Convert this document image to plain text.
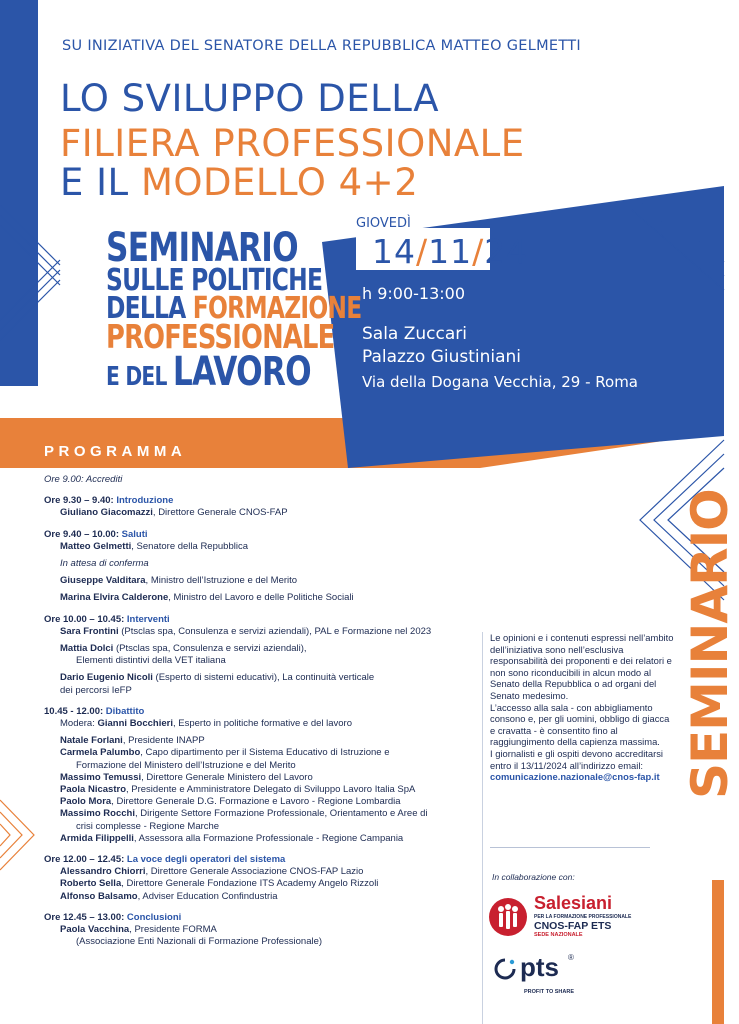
SU INIZIATIVA DEL SENATORE DELLA REPUBBLICA MATTEO GELMETTI
LO SVILUPPO DELLA
FILIERA PROFESSIONALE
E IL MODELLO 4+2
SEMINARIO
SULLE POLITICHE
DELLA FORMAZIONE
PROFESSIONALE
E DEL LAVORO
GIOVEDÌ
14/11/24
h 9:00-13:00
Sala Zuccari
Palazzo Giustiniani
Via della Dogana Vecchia, 29 - Roma
PROGRAMMA
Ore 9.00: Accrediti
Ore 9.30 – 9.40: Introduzione
Giuliano Giacomazzi, Direttore Generale CNOS-FAP
Ore 9.40 – 10.00: Saluti
Matteo Gelmetti, Senatore della Repubblica
In attesa di conferma
Giuseppe Valditara, Ministro dell’Istruzione e del Merito
Marina Elvira Calderone, Ministro del Lavoro e delle Politiche Sociali
Ore 10.00 – 10.45: Interventi
Sara Frontini (Ptsclas spa, Consulenza e servizi aziendali), PAL e Formazione nel 2023
Mattia Dolci (Ptsclas spa, Consulenza e servizi aziendali),
Elementi distintivi della VET italiana
Dario Eugenio Nicoli (Esperto di sistemi educativi), La continuità verticale
dei percorsi IeFP
10.45 - 12.00: Dibattito
Modera: Gianni Bocchieri, Esperto in politiche formative e del lavoro
Natale Forlani, Presidente INAPP
Carmela Palumbo, Capo dipartimento per il Sistema Educativo di Istruzione e
Formazione del Ministero dell’Istruzione e del Merito
Massimo Temussi, Direttore Generale Ministero del Lavoro
Paola Nicastro, Presidente e Amministratore Delegato di Sviluppo Lavoro Italia SpA
Paolo Mora, Direttore Generale D.G. Formazione e Lavoro - Regione Lombardia
Massimo Rocchi, Dirigente Settore Formazione Professionale, Orientamento e Aree di
crisi complesse - Regione Marche
Armida Filippelli, Assessora alla Formazione Professionale - Regione Campania
Ore 12.00 – 12.45: La voce degli operatori del sistema
Alessandro Chiorri, Direttore Generale Associazione CNOS-FAP Lazio
Roberto Sella, Direttore Generale Fondazione ITS Academy Angelo Rizzoli
Alfonso Balsamo, Adviser Education Confindustria
Ore 12.45 – 13.00: Conclusioni
Paola Vacchina, Presidente FORMA
(Associazione Enti Nazionali di Formazione Professionale)
Le opinioni e i contenuti espressi nell’ambito dell’iniziativa sono nell’esclusiva responsabilità dei proponenti e dei relatori e non sono riconducibili in alcun modo al Senato della Repubblica o ad organi del Senato medesimo.
L’accesso alla sala - con abbigliamento consono e, per gli uomini, obbligo di giacca e cravatta - è consentito fino al raggiungimento della capienza massima.
I giornalisti e gli ospiti devono accreditarsi entro il 13/11/2024 all’indirizzo email:
comunicazione.nazionale@cnos-fap.it
In collaborazione con:
SEMINARIO
Salesiani
PER LA FORMAZIONE PROFESSIONALE
CNOS-FAP ETS
SEDE NAZIONALE
pts ®
PROFIT TO SHARE
